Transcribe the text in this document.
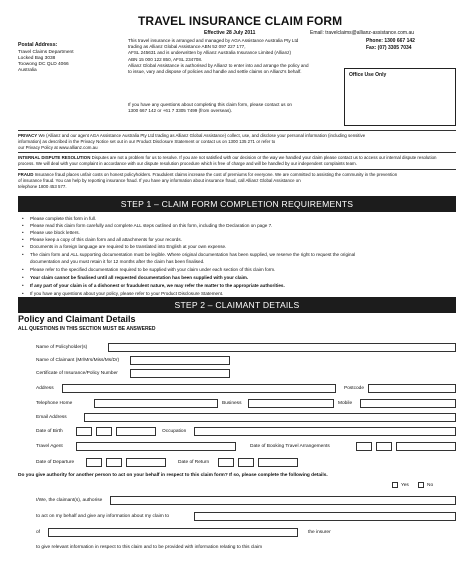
TRAVEL INSURANCE CLAIM FORM
Effective 28 July 2011	Email: travelclaims@allianz-assistance.com.au
Phone: 1300 667 142
Fax: (07) 3305 7034
Postal Address:
Travel Claims Department
Locked Bag 3038
Toowong DC QLD 4066
Australia
This travel insurance is arranged and managed by AGA Assistance Australia Pty Ltd
trading as Allianz Global Assistance ABN 52 097 227 177,
AFSL 245631 and is underwritten by Allianz Australia Insurance Limited (Allianz)
ABN 15 000 122 850, AFSL 234708.
Allianz Global Assistance is authorised by Allianz to enter into and arrange the policy and
to issue, vary and dispose of policies and handle and settle claims on Allianz's behalf.
If you have any questions about completing this claim form, please contact us on
1300 667 142 or +61 7 3305 7499 (from overseas).
Office Use Only
PRIVACY We (Allianz and our agent AGA Assistance Australia Pty Ltd trading as Allianz Global Assistance) collect, use, and disclose your personal information (including sensitive
information) as described in the Privacy Notice set out in our Product Disclosure Statement or contact us on 1300 135 271 or refer to
our Privacy Policy at www.allianz.com.au
INTERNAL DISPUTE RESOLUTION Disputes are not a problem for us to resolve. If you are not satisfied with our decision or the way we handled your claim please contact us to access our internal dispute resolution
process. We will deal with your complaint in accordance with our dispute resolution procedure which is free of charge and will be handled by our independent complaints team.
FRAUD Insurance fraud places unfair costs on honest policyholders. Fraudulent claims increase the cost of premiums for everyone. We are committed to assisting the community in the prevention
of insurance fraud. You can help by reporting insurance fraud. If you have any information about insurance fraud, call Allianz Global Assistance on
telephone 1800 453 577.
STEP 1 – CLAIM FORM COMPLETION REQUIREMENTS
• Please complete this form in full.
• Please read this claim form carefully and complete ALL steps outlined on this form, including the Declaration on page 7.
• Please use block letters.
• Please keep a copy of this claim form and all attachments for your records.
• Documents in a foreign language are required to be translated into English at your own expense.
• The claim form and ALL supporting documentation must be legible. Where original documentation has been supplied, we reserve the right to request the original
documentation and you must retain it for 12 months after the claim has been finalised.
• Please refer to the specified documentation required to be supplied with your claim under each section of this claim form.
• Your claim cannot be finalised until all requested documentation has been supplied with your claim.
• If any part of your claim is of a dishonest or fraudulent nature, we may refer the matter to the appropriate authorities.
• If you have any questions about your policy, please refer to your Product Disclosure Statement.
STEP 2 – CLAIMANT DETAILS
Policy and Claimant Details
ALL QUESTIONS IN THIS SECTION MUST BE ANSWERED
Name of Policyholder(s)
Name of Claimant (Mr/Mrs/Miss/Ms/Dr)
Certificate of Insurance/Policy Number
Address	Postcode
Telephone Home	Business	Mobile
Email Address
Date of Birth	Occupation
Travel Agent	Date of Booking Travel Arrangements
Date of Departure	Date of Return
Do you give authority for another person to act on your behalf in respect to this claim form? If so, please complete the following details.
Yes	No
I/We, the claimant(s), authorise
to act on my behalf and give any information about my claim to
of	the insurer
to give relevant information in respect to this claim and to be provided with information relating to this claim
